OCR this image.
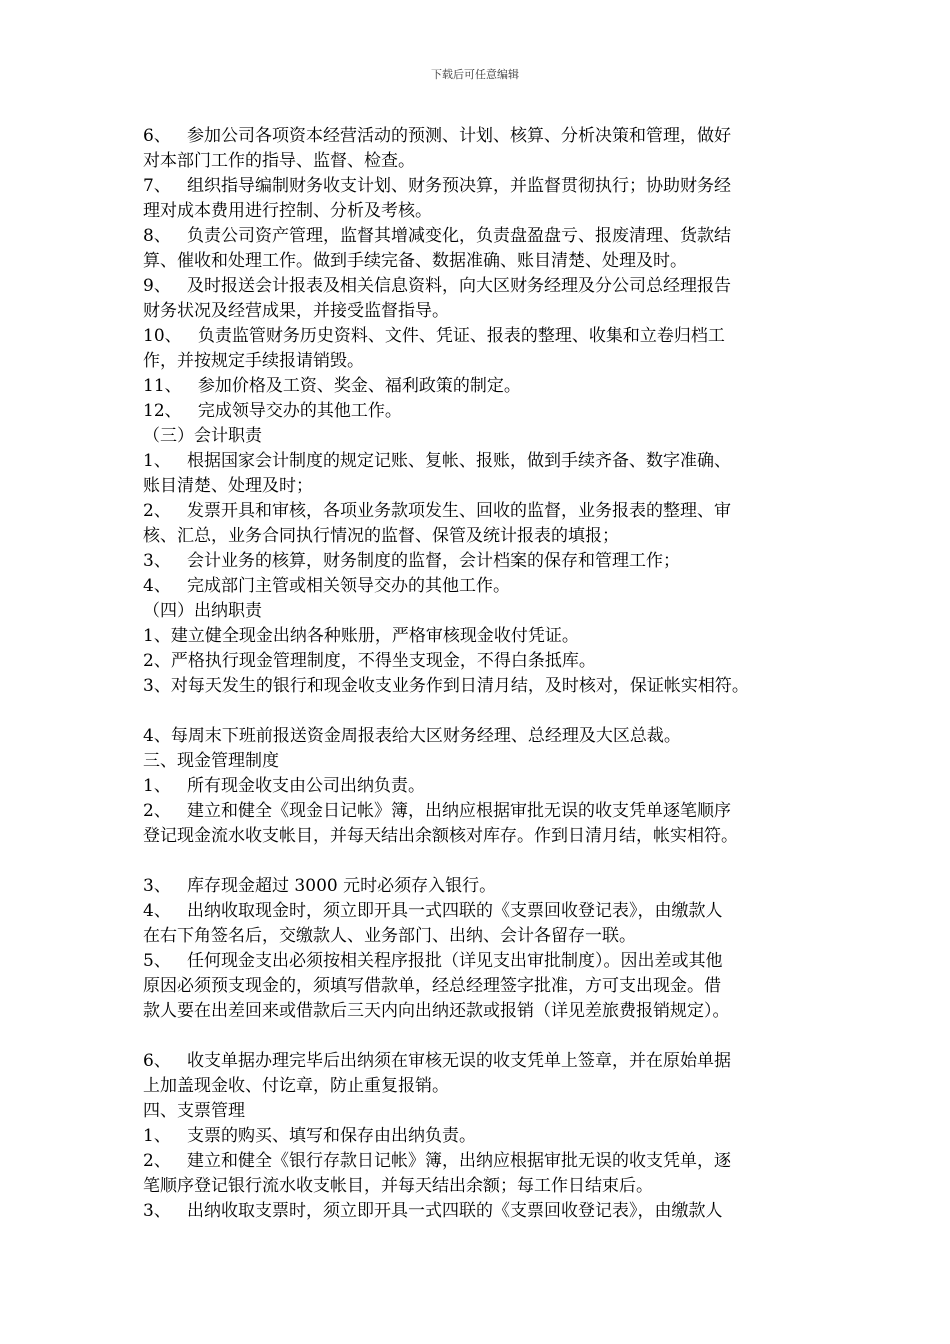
下载后可任意编辑
6、   参加公司各项资本经营活动的预测、计划、核算、分析决策和管理，做好
对本部门工作的指导、监督、检查。
7、   组织指导编制财务收支计划、财务预决算，并监督贯彻执行；协助财务经
理对成本费用进行控制、分析及考核。
8、   负责公司资产管理，监督其增减变化，负责盘盈盘亏、报废清理、货款结
算、催收和处理工作。做到手续完备、数据准确、账目清楚、处理及时。
9、   及时报送会计报表及相关信息资料，向大区财务经理及分公司总经理报告
财务状况及经营成果，并接受监督指导。
10、   负责监管财务历史资料、文件、凭证、报表的整理、收集和立卷归档工
作，并按规定手续报请销毁。
11、   参加价格及工资、奖金、福利政策的制定。
12、   完成领导交办的其他工作。
（三）会计职责
1、   根据国家会计制度的规定记账、复帐、报账，做到手续齐备、数字准确、
账目清楚、处理及时；
2、   发票开具和审核，各项业务款项发生、回收的监督，业务报表的整理、审
核、汇总，业务合同执行情况的监督、保管及统计报表的填报；
3、   会计业务的核算，财务制度的监督，会计档案的保存和管理工作；
4、   完成部门主管或相关领导交办的其他工作。
（四）出纳职责
1、建立健全现金出纳各种账册，严格审核现金收付凭证。
2、严格执行现金管理制度，不得坐支现金，不得白条抵库。
3、对每天发生的银行和现金收支业务作到日清月结，及时核对，保证帐实相符。
4、每周末下班前报送资金周报表给大区财务经理、总经理及大区总裁。
三、现金管理制度
1、   所有现金收支由公司出纳负责。
2、   建立和健全《现金日记帐》簿，出纳应根据审批无误的收支凭单逐笔顺序
登记现金流水收支帐目，并每天结出余额核对库存。作到日清月结，帐实相符。
3、   库存现金超过 3000 元时必须存入银行。
4、   出纳收取现金时，须立即开具一式四联的《支票回收登记表》，由缴款人
在右下角签名后，交缴款人、业务部门、出纳、会计各留存一联。
5、   任何现金支出必须按相关程序报批（详见支出审批制度）。因出差或其他
原因必须预支现金的，须填写借款单，经总经理签字批准，方可支出现金。借
款人要在出差回来或借款后三天内向出纳还款或报销（详见差旅费报销规定）。
6、   收支单据办理完毕后出纳须在审核无误的收支凭单上签章，并在原始单据
上加盖现金收、付讫章，防止重复报销。
四、支票管理
1、   支票的购买、填写和保存由出纳负责。
2、   建立和健全《银行存款日记帐》簿，出纳应根据审批无误的收支凭单，逐
笔顺序登记银行流水收支帐目，并每天结出余额；每工作日结束后。
3、   出纳收取支票时，须立即开具一式四联的《支票回收登记表》，由缴款人
